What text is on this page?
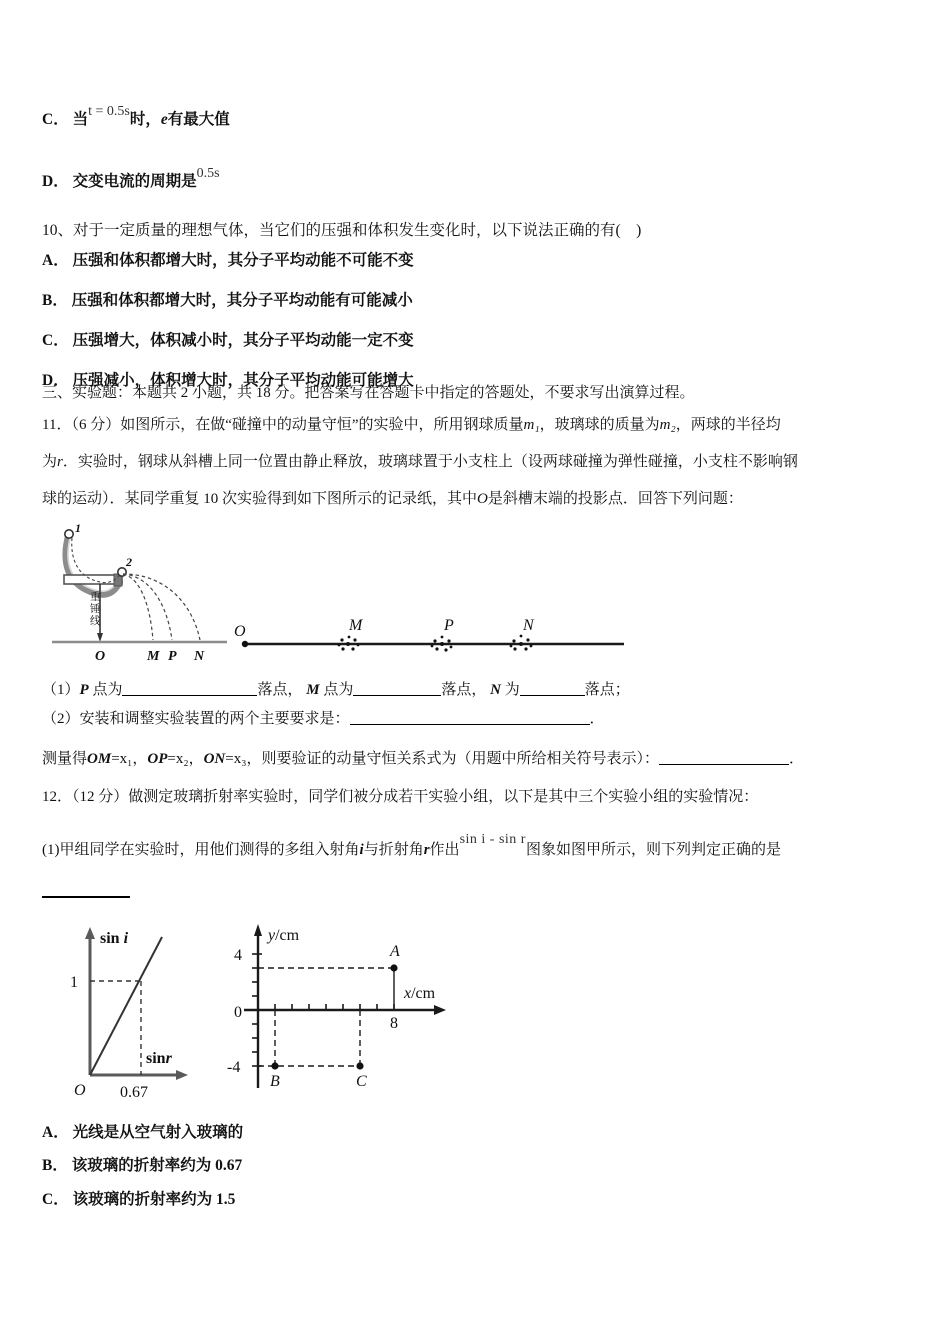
C． 当t = 0.5s时，e有最大值
D． 交变电流的周期是0.5s
10、对于一定质量的理想气体，当它们的压强和体积发生变化时，以下说法正确的有(　)
A． 压强和体积都增大时，其分子平均动能不可能不变
B． 压强和体积都增大时，其分子平均动能有可能减小
C． 压强增大，体积减小时，其分子平均动能一定不变
D． 压强减小，体积增大时，其分子平均动能可能增大
三、实验题：本题共 2 小题，共 18 分。把答案写在答题卡中指定的答题处，不要求写出演算过程。
11．（6 分）如图所示，在做“碰撞中的动量守恒”的实验中，所用钢球质量m₁，玻璃球的质量为m₂，两球的半径均
为r．实验时，钢球从斜槽上同一位置由静止释放，玻璃球置于小支柱上（设两球碰撞为弹性碰撞，小支柱不影响钢
球的运动）．某同学重复 10 次实验得到如下图所示的记录纸，其中O是斜槽末端的投影点．回答下列问题：
1
2
重
锤
线
O	M P N
O	M	P	N
（1）P 点为	落点， M 点为	落点， N 为	落点；
（2）安装和调整实验装置的两个主要要求是：	．
测量得OM=x₁，OP=x₂，ON=x₃，则要验证的动量守恒关系式为（用题中所给相关符号表示）：	．
12．（12 分）做测定玻璃折射率实验时，同学们被分成若干实验小组，以下是其中三个实验小组的实验情况：
(1)甲组同学在实验时，用他们测得的多组入射角i与折射角r作出sin i - sin r图象如图甲所示，则下列判定正确的是
1
0.67
O
sin i
sinr
A
B	C
4
0
-4
8
y/cm
x/cm
A． 光线是从空气射入玻璃的
B． 该玻璃的折射率约为 0.67
C． 该玻璃的折射率约为 1.5
